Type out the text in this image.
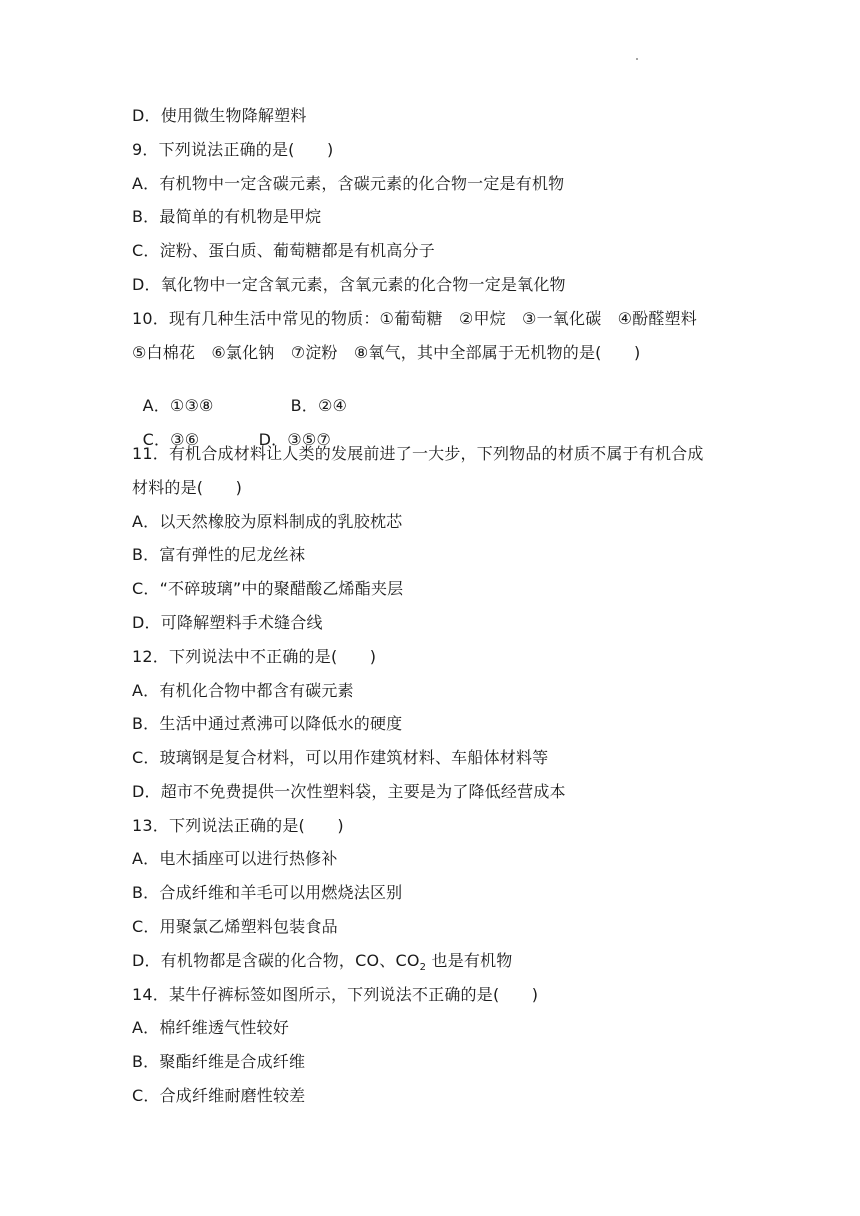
D．使用微生物降解塑料
9．下列说法正确的是(　　)
A．有机物中一定含碳元素，含碳元素的化合物一定是有机物
B．最简单的有机物是甲烷
C．淀粉、蛋白质、葡萄糖都是有机高分子
D．氧化物中一定含氧元素，含氧元素的化合物一定是氧化物
10．现有几种生活中常见的物质：①葡萄糖　②甲烷　③一氧化碳　④酚醛塑料
⑤白棉花　⑥氯化钠　⑦淀粉　⑧氧气，其中全部属于无机物的是(　　)

A．①③⑧	B．②④

C．③⑥	D．③⑤⑦

11．有机合成材料让人类的发展前进了一大步，下列物品的材质不属于有机合成
材料的是(　　)
A．以天然橡胶为原料制成的乳胶枕芯
B．富有弹性的尼龙丝袜
C．“不碎玻璃”中的聚醋酸乙烯酯夹层
D．可降解塑料手术缝合线
12．下列说法中不正确的是(　　)
A．有机化合物中都含有碳元素
B．生活中通过煮沸可以降低水的硬度
C．玻璃钢是复合材料，可以用作建筑材料、车船体材料等
D．超市不免费提供一次性塑料袋，主要是为了降低经营成本
13．下列说法正确的是(　　)
A．电木插座可以进行热修补
B．合成纤维和羊毛可以用燃烧法区别
C．用聚氯乙烯塑料包装食品
D．有机物都是含碳的化合物，CO、$CO_2$ 也是有机物
14．某牛仔裤标签如图所示，下列说法不正确的是(　　)
A．棉纤维透气性较好
B．聚酯纤维是合成纤维
C．合成纤维耐磨性较差
